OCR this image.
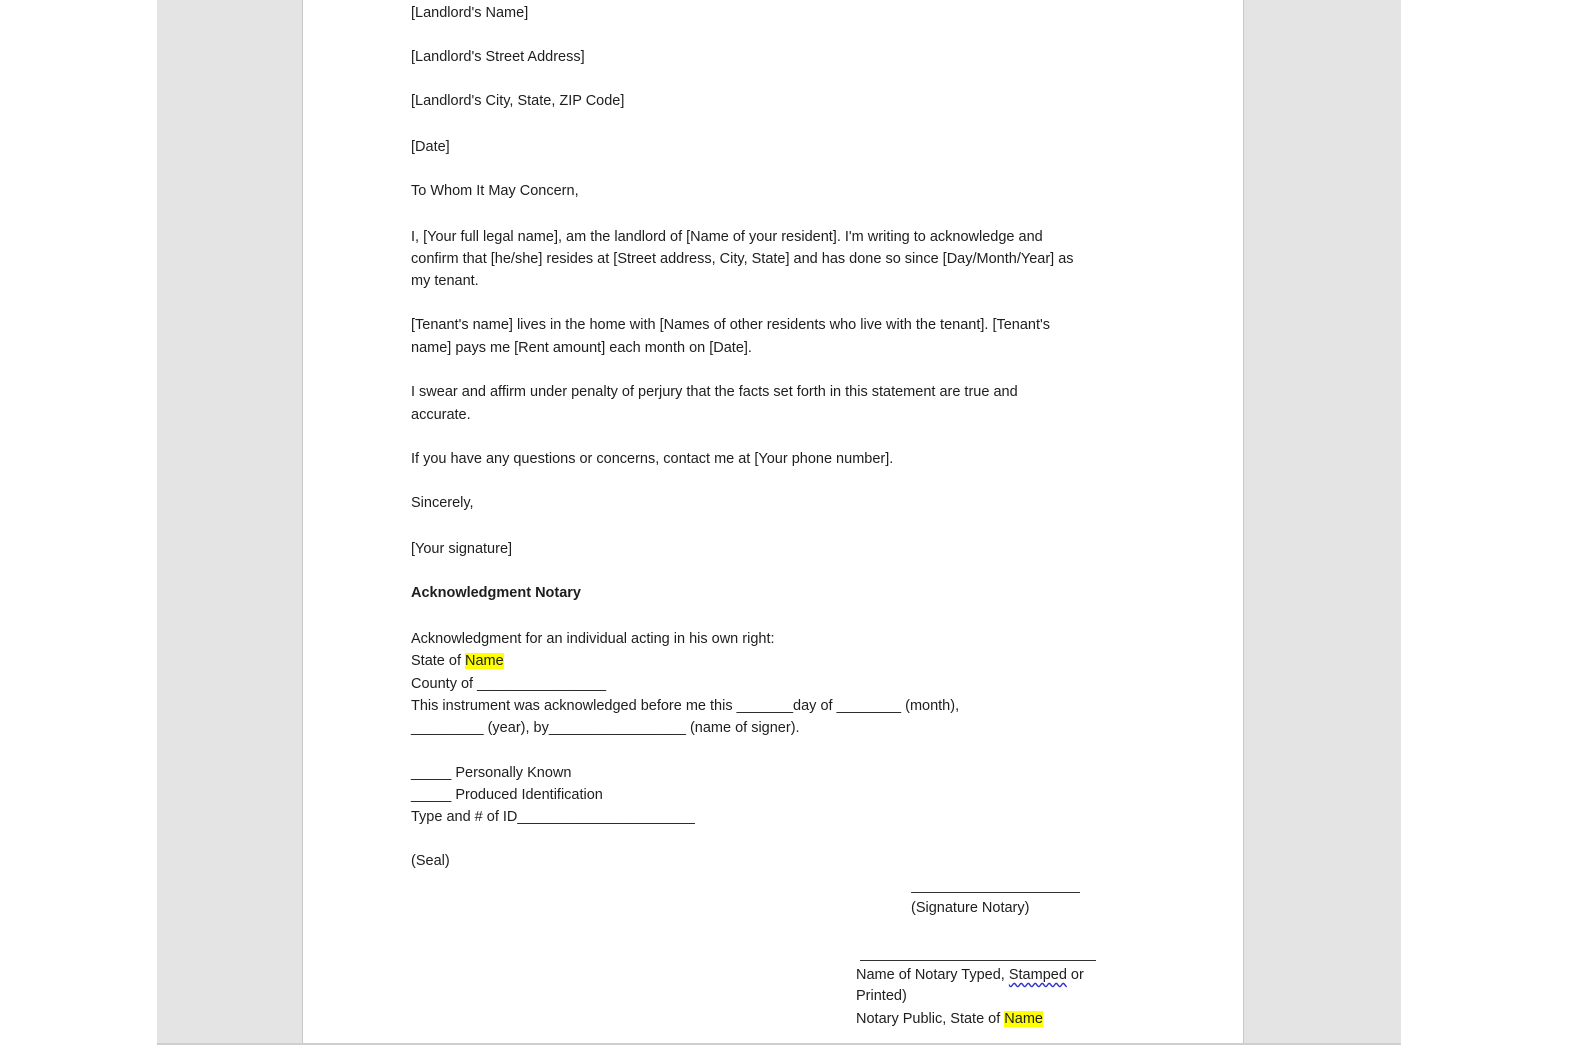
[Landlord's Name]
[Landlord's Street Address]
[Landlord's City, State, ZIP Code]
[Date]
To Whom It May Concern,
I, [Your full legal name], am the landlord of [Name of your resident]. I'm writing to acknowledge and
confirm that [he/she] resides at [Street address, City, State] and has done so since [Day/Month/Year] as
my tenant.
[Tenant's name] lives in the home with [Names of other residents who live with the tenant]. [Tenant's
name] pays me [Rent amount] each month on [Date].
I swear and affirm under penalty of perjury that the facts set forth in this statement are true and
accurate.
If you have any questions or concerns, contact me at [Your phone number].
Sincerely,
[Your signature]
Acknowledgment Notary
Acknowledgment for an individual acting in his own right:
State of Name
County of ________________
This instrument was acknowledged before me this _______day of ________ (month),
_________ (year), by_________________ (name of signer).
_____ Personally Known
_____ Produced Identification
Type and # of ID______________________
(Seal)
(Signature Notary)
Name of Notary Typed, Stamped or
Printed)
Notary Public, State of Name
